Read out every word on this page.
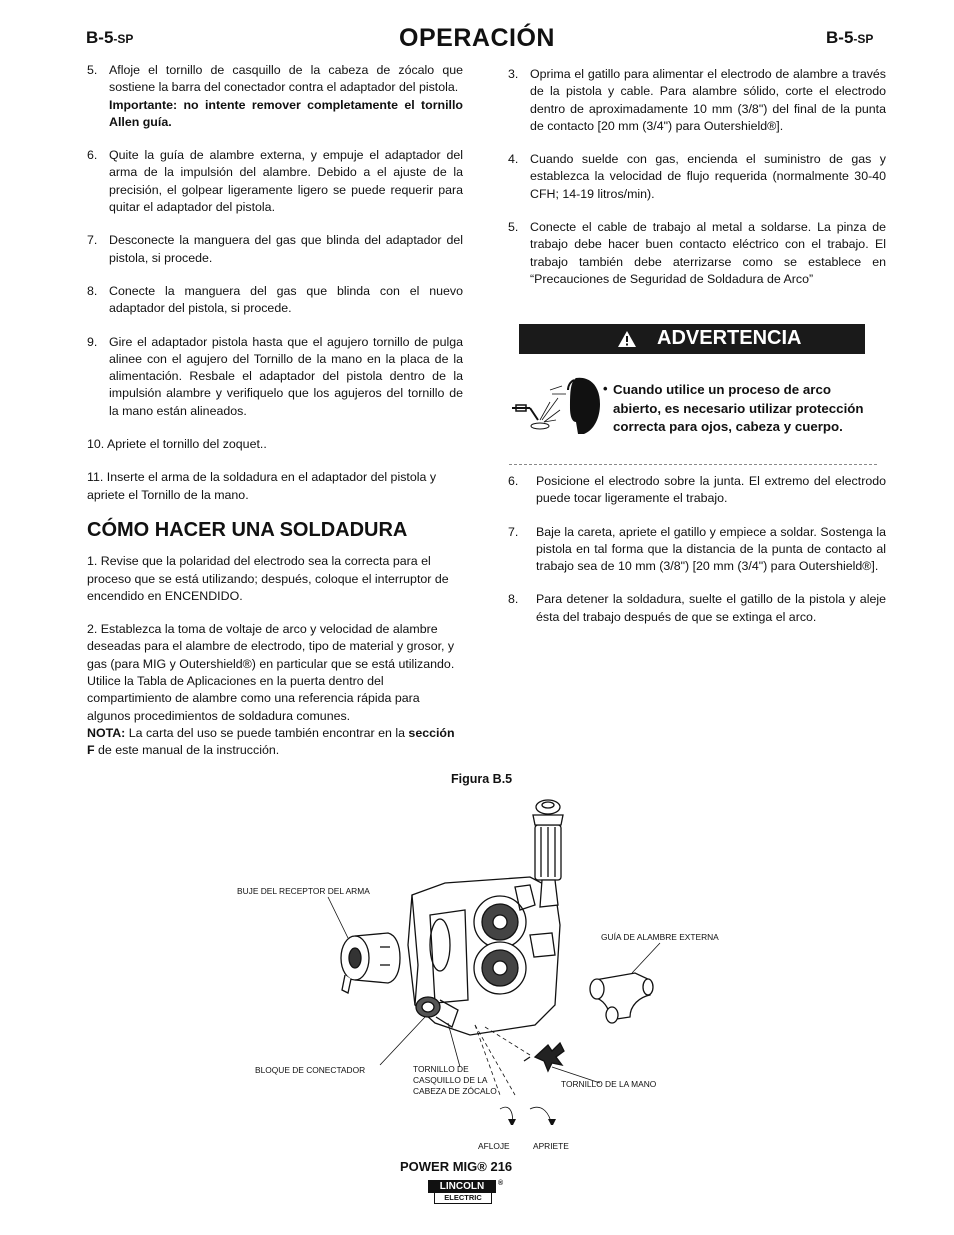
B-5-SP	OPERACIÓN	B-5-SP
5. Afloje el tornillo de casquillo de la cabeza de zócalo que sostiene la barra del conectador contra el adaptador del pistola.
Importante: no intente remover completamente el tornillo Allen guía.
6. Quite la guía de alambre externa, y empuje el adaptador del arma de la impulsión del alambre. Debido a el ajuste de la precisión, el golpear ligeramente ligero se puede requerir para quitar el adaptador del pistola.
7. Desconecte la manguera del gas que blinda del adaptador del pistola, si procede.
8. Conecte la manguera del gas que blinda con el nuevo adaptador del pistola, si procede.
9. Gire el adaptador pistola hasta que el agujero tornillo de pulga alinee con el agujero del Tornillo de la mano en la placa de la alimentación. Resbale el adaptador del pistola dentro de la impulsión alambre y verifiquelo que los agujeros del tornillo de la mano están alineados.
10. Apriete el tornillo del zoquet..
11. Inserte el arma de la soldadura en el adaptador del pistola y apriete el Tornillo de la mano.
CÓMO HACER UNA SOLDADURA
1. Revise que la polaridad del electrodo sea la correcta para el proceso que se está utilizando; después, coloque el interruptor de encendido en ENCENDIDO.
2. Establezca la toma de voltaje de arco y velocidad de alambre deseadas para el alambre de electrodo, tipo de material y grosor, y gas (para MIG y Outershield®) en particular que se está utilizando. Utilice la Tabla de Aplicaciones en la puerta dentro del compartimiento de alambre como una referencia rápida para algunos procedimientos de soldadura comunes.
NOTA: La carta del uso se puede también encontrar en la sección F de este manual de la instrucción.
3. Oprima el gatillo para alimentar el electrodo de alambre a través de la pistola y cable. Para alambre sólido, corte el electrodo dentro de aproximadamente 10 mm (3/8") del final de la punta de contacto [20 mm (3/4") para Outershield®].
4. Cuando suelde con gas, encienda el suministro de gas y establezca la velocidad de flujo requerida (normalmente 30-40 CFH; 14-19 litros/min).
5. Conecte el cable de trabajo al metal a soldarse. La pinza de trabajo debe hacer buen contacto eléctrico con el trabajo. El trabajo también debe aterrizarse como se establece en “Precauciones de Seguridad de Soldadura de Arco”
ADVERTENCIA
• Cuando utilice un proceso de arco abierto, es necesario utilizar protección correcta para ojos, cabeza y cuerpo.
6. Posicione el electrodo sobre la junta. El extremo del electrodo puede tocar ligeramente el trabajo.
7. Baje la careta, apriete el gatillo y empiece a soldar. Sostenga la pistola en tal forma que la distancia de la punta de contacto al trabajo sea de 10 mm (3/8") [20 mm (3/4") para Outershield®].
8. Para detener la soldadura, suelte el gatillo de la pistola y aleje ésta del trabajo después de que se extinga el arco.
Figura B.5
BUJE DEL RECEPTOR DEL ARMA
GUÍA DE ALAMBRE EXTERNA
BLOQUE DE CONECTADOR	TORNILLO DE
CASQUILLO DE LA
CABEZA DE ZÓCALO
TORNILLO DE LA MANO
AFLOJE	APRIETE
POWER MIG® 216
LINCOLN	®
ELECTRIC
